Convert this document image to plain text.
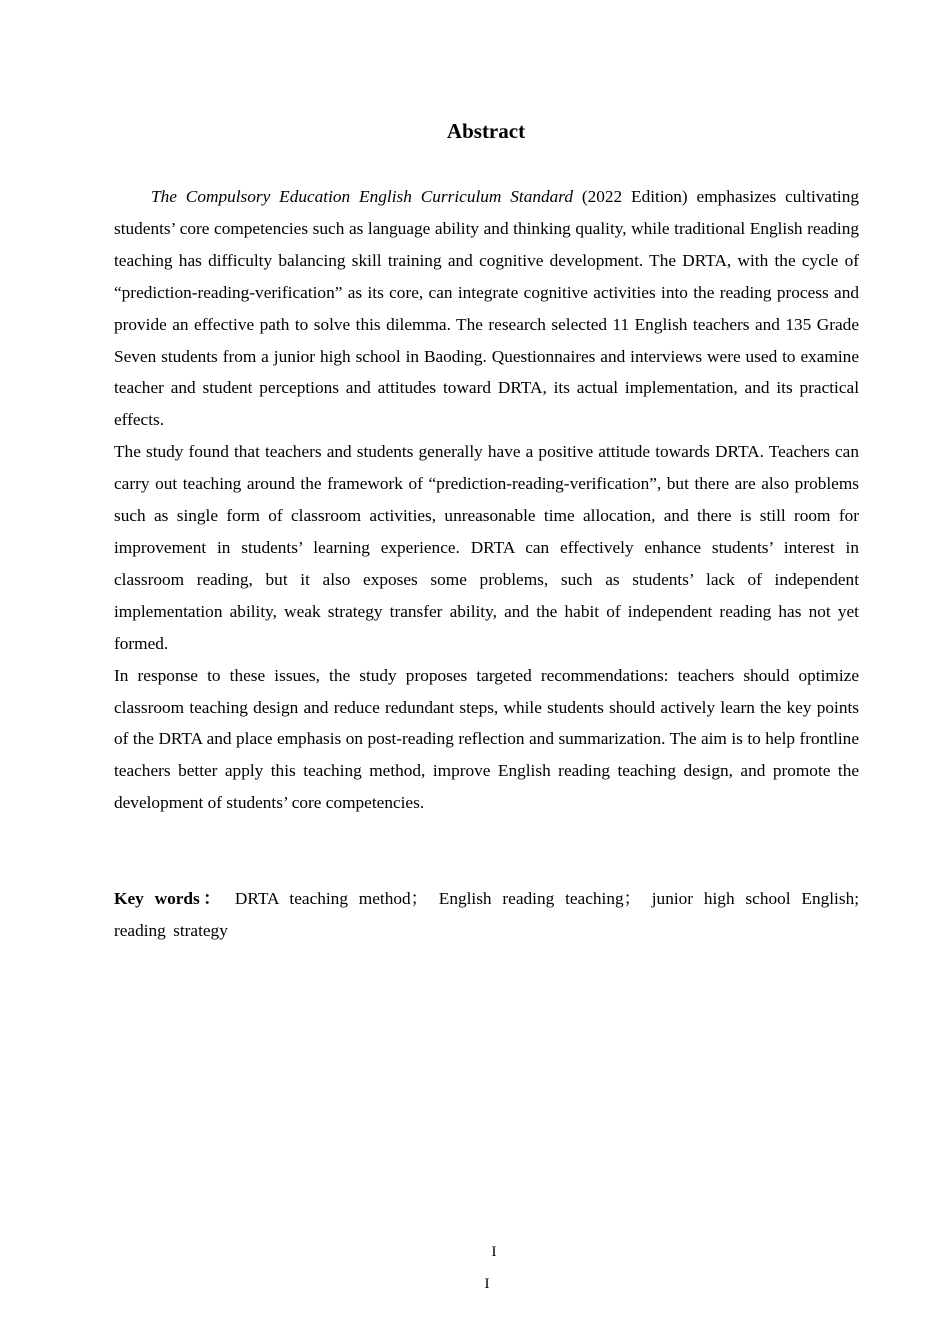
Abstract

The Compulsory Education English Curriculum Standard (2022 Edition) emphasizes cultivating students’ core competencies such as language ability and thinking quality, while traditional English reading teaching has difficulty balancing skill training and cognitive development. The DRTA, with the cycle of “prediction-reading-verification” as its core, can integrate cognitive activities into the reading process and provide an effective path to solve this dilemma. The research selected 11 English teachers and 135 Grade Seven students from a junior high school in Baoding. Questionnaires and interviews were used to examine teacher and student perceptions and attitudes toward DRTA, its actual implementation, and its practical effects.

The study found that teachers and students generally have a positive attitude towards DRTA. Teachers can carry out teaching around the framework of “prediction-reading-verification”, but there are also problems such as single form of classroom activities, unreasonable time allocation, and there is still room for improvement in students’ learning experience. DRTA can effectively enhance students’ interest in classroom reading, but it also exposes some problems, such as students’ lack of independent implementation ability, weak strategy transfer ability, and the habit of independent reading has not yet formed.

In response to these issues, the study proposes targeted recommendations: teachers should optimize classroom teaching design and reduce redundant steps, while students should actively learn the key points of the DRTA and place emphasis on post-reading reflection and summarization. The aim is to help frontline teachers better apply this teaching method, improve English reading teaching design, and promote the development of students’ core competencies.

Key words： DRTA teaching method； English reading teaching； junior high school English; reading strategy
I
I
